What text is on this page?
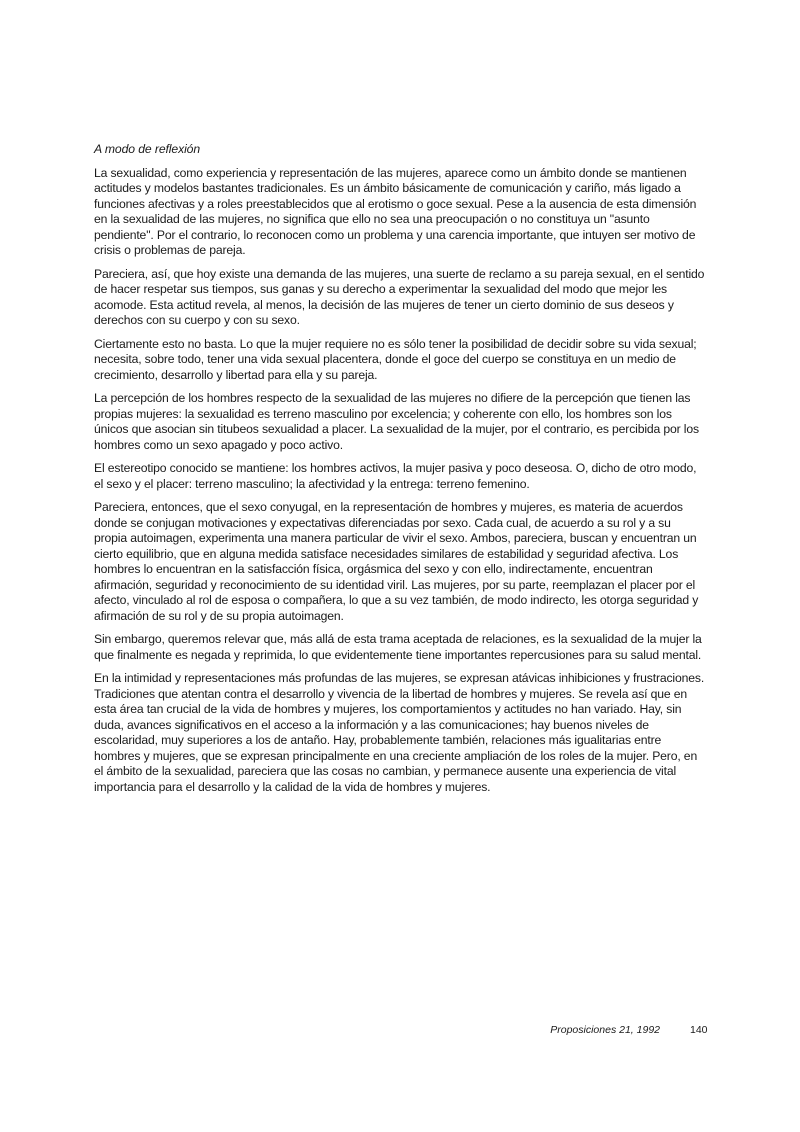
A modo de reflexión

La sexualidad, como experiencia y representación de las mujeres, aparece como un ámbito donde se mantienen actitudes y modelos bastantes tradicionales. Es un ámbito básicamente de comunicación y cariño, más ligado a funciones afectivas y a roles preestablecidos que al erotismo o goce sexual. Pese a la ausencia de esta dimensión en la sexualidad de las mujeres, no significa que ello no sea una preocupación o no constituya un "asunto pendiente". Por el contrario, lo reconocen como un problema y una carencia importante, que intuyen ser motivo de crisis o problemas de pareja.

Pareciera, así, que hoy existe una demanda de las mujeres, una suerte de reclamo a su pareja sexual, en el sentido de hacer respetar sus tiempos, sus ganas y su derecho a experimentar la sexualidad del modo que mejor les acomode. Esta actitud revela, al menos, la decisión de las mujeres de tener un cierto dominio de sus deseos y derechos con su cuerpo y con su sexo.

Ciertamente esto no basta. Lo que la mujer requiere no es sólo tener la posibilidad de decidir sobre su vida sexual; necesita, sobre todo, tener una vida sexual placentera, donde el goce del cuerpo se constituya en un medio de crecimiento, desarrollo y libertad para ella y su pareja.

La percepción de los hombres respecto de la sexualidad de las mujeres no difiere de la percepción que tienen las propias mujeres: la sexualidad es terreno masculino por excelencia; y coherente con ello, los hombres son los únicos que asocian sin titubeos sexualidad a placer. La sexualidad de la mujer, por el contrario, es percibida por los hombres como un sexo apagado y poco activo.

El estereotipo conocido se mantiene: los hombres activos, la mujer pasiva y poco deseosa. O, dicho de otro modo, el sexo y el placer: terreno masculino; la afectividad y la entrega: terreno femenino.

Pareciera, entonces, que el sexo conyugal, en la representación de hombres y mujeres, es materia de acuerdos donde se conjugan motivaciones y expectativas diferenciadas por sexo. Cada cual, de acuerdo a su rol y a su propia autoimagen, experimenta una manera particular de vivir el sexo. Ambos, pareciera, buscan y encuentran un cierto equilibrio, que en alguna medida satisface necesidades similares de estabilidad y seguridad afectiva. Los hombres lo encuentran en la satisfacción física, orgásmica del sexo y con ello, indirectamente, encuentran afirmación, seguridad y reconocimiento de su identidad viril. Las mujeres, por su parte, reemplazan el placer por el afecto, vinculado al rol de esposa o compañera, lo que a su vez también, de modo indirecto, les otorga seguridad y afirmación de su rol y de su propia autoimagen.

Sin embargo, queremos relevar que, más allá de esta trama aceptada de relaciones, es la sexualidad de la mujer la que finalmente es negada y reprimida, lo que evidentemente tiene importantes repercusiones para su salud mental.

En la intimidad y representaciones más profundas de las mujeres, se expresan atávicas inhibiciones y frustraciones. Tradiciones que atentan contra el desarrollo y vivencia de la libertad de hombres y mujeres. Se revela así que en esta área tan crucial de la vida de hombres y mujeres, los comportamientos y actitudes no han variado. Hay, sin duda, avances significativos en el acceso a la información y a las comunicaciones; hay buenos niveles de escolaridad, muy superiores a los de antaño. Hay, probablemente también, relaciones más igualitarias entre hombres y mujeres, que se expresan principalmente en una creciente ampliación de los roles de la mujer. Pero, en el ámbito de la sexualidad, pareciera que las cosas no cambian, y permanece ausente una experiencia de vital importancia para el desarrollo y la calidad de la vida de hombres y mujeres.

Proposiciones 21, 1992	140
